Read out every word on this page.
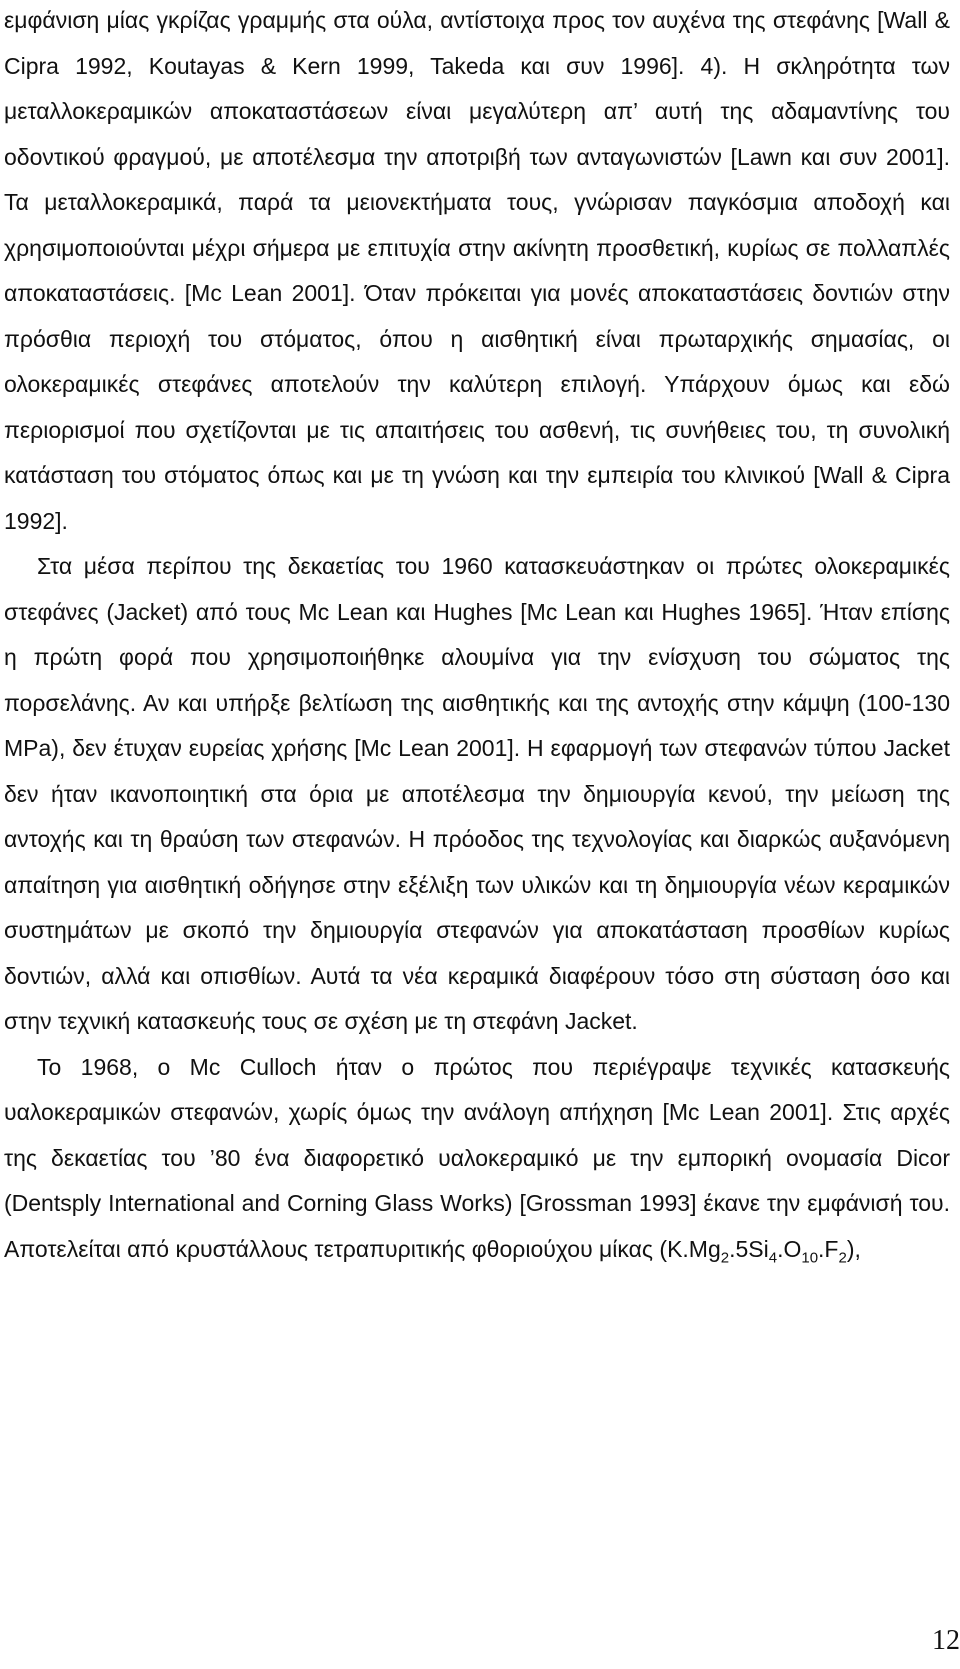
εμφάνιση μίας γκρίζας γραμμής στα ούλα, αντίστοιχα προς τον αυχένα της στεφάνης [Wall & Cipra 1992, Koutayas & Kern 1999, Takeda και συν 1996]. 4). Η σκληρότητα των μεταλλοκεραμικών αποκαταστάσεων είναι μεγαλύτερη απ’ αυτή της αδαμαντίνης του οδοντικού φραγμού, με αποτέλεσμα την αποτριβή των ανταγωνιστών [Lawn και συν 2001]. Τα μεταλλοκεραμικά, παρά τα μειονεκτήματα τους, γνώρισαν παγκόσμια αποδοχή και χρησιμοποιούνται μέχρι σήμερα με επιτυχία στην ακίνητη προσθετική, κυρίως σε πολλαπλές αποκαταστάσεις. [Mc Lean 2001]. Όταν πρόκειται για μονές αποκαταστάσεις δοντιών στην πρόσθια περιοχή του στόματος, όπου η αισθητική είναι πρωταρχικής σημασίας, οι ολοκεραμικές στεφάνες αποτελούν την καλύτερη επιλογή. Υπάρχουν όμως και εδώ περιορισμοί που σχετίζονται με τις απαιτήσεις του ασθενή, τις συνήθειες του, τη συνολική κατάσταση του στόματος όπως και με τη γνώση και την εμπειρία του κλινικού [Wall & Cipra 1992].

Στα μέσα περίπου της δεκαετίας του 1960 κατασκευάστηκαν οι πρώτες ολοκεραμικές στεφάνες (Jacket) από τους Mc Lean και Hughes [Mc Lean και Hughes 1965]. Ήταν επίσης η πρώτη φορά που χρησιμοποιήθηκε αλουμίνα για την ενίσχυση του σώματος της πορσελάνης. Αν και υπήρξε βελτίωση της αισθητικής και της αντοχής στην κάμψη (100-130 MPa), δεν έτυχαν ευρείας χρήσης [Mc Lean 2001]. Η εφαρμογή των στεφανών τύπου Jacket δεν ήταν ικανοποιητική στα όρια με αποτέλεσμα την δημιουργία κενού, την μείωση της αντοχής και τη θραύση των στεφανών. Η πρόοδος της τεχνολογίας και διαρκώς αυξανόμενη απαίτηση για αισθητική οδήγησε στην εξέλιξη των υλικών και τη δημιουργία νέων κεραμικών συστημάτων με σκοπό την δημιουργία στεφανών για αποκατάσταση προσθίων κυρίως δοντιών, αλλά και οπισθίων. Αυτά τα νέα κεραμικά διαφέρουν τόσο στη σύσταση όσο και στην τεχνική κατασκευής τους σε σχέση με τη στεφάνη Jacket.

Το 1968, ο Mc Culloch ήταν ο πρώτος που περιέγραψε τεχνικές κατασκευής υαλοκεραμικών στεφανών, χωρίς όμως την ανάλογη απήχηση [Mc Lean 2001]. Στις αρχές της δεκαετίας του ’80 ένα διαφορετικό υαλοκεραμικό με την εμπορική ονομασία Dicor (Dentsply International and Corning Glass Works) [Grossman 1993] έκανε την εμφάνισή του. Αποτελείται από κρυστάλλους τετραπυριτικής φθοριούχου μίκας $(K.Mg_2.5Si_4.O_{10}.F_2)$,

12
